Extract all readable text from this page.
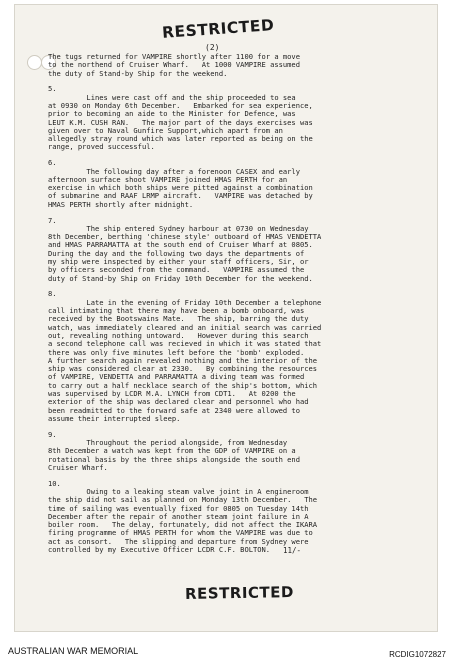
RESTRICTED
(2)
The tugs returned for VAMPIRE shortly after 1100 for a move
to the northend of Cruiser Wharf.   At 1000 VAMPIRE assumed
the duty of Stand-by Ship for the weekend.
5.
Lines were cast off and the ship proceeded to sea
at 0930 on Monday 6th December.   Embarked for sea experience,
prior to becoming an aide to the Minister for Defence, was
LEUT K.M. CUSH RAN.   The major part of the days exercises was
given over to Naval Gunfire Support,which apart from an
allegedly stray round which was later reported as being on the
range, proved successful.
6.
The following day after a forenoon CASEX and early
afternoon surface shoot VAMPIRE joined HMAS PERTH for an
exercise in which both ships were pitted against a combination
of submarine and RAAF LRMP aircraft.   VAMPIRE was detached by
HMAS PERTH shortly after midnight.
7.
The ship entered Sydney harbour at 0730 on Wednesday
8th December, berthing 'chinese style' outboard of HMAS VENDETTA
and HMAS PARRAMATTA at the south end of Cruiser Wharf at 0805.
During the day and the following two days the departments of
my ship were inspected by either your staff officers, Sir, or
by officers seconded from the command.   VAMPIRE assumed the
duty of Stand-by Ship on Friday 10th December for the weekend.
8.
Late in the evening of Friday 10th December a telephone
call intimating that there may have been a bomb onboard, was
received by the Bootswains Mate.   The ship, barring the duty
watch, was immediately cleared and an initial search was carried
out, revealing nothing untoward.   However during this search
a second telephone call was recieved in which it was stated that
there was only five minutes left before the 'bomb' exploded.
A further search again revealed nothing and the interior of the
ship was considered clear at 2330.   By combining the resources
of VAMPIRE, VENDETTA and PARRAMATTA a diving team was formed
to carry out a half necklace search of the ship's bottom, which
was supervised by LCDR M.A. LYNCH from CDT1.   At 0200 the
exterior of the ship was declared clear and personnel who had
been readmitted to the forward safe at 2340 were allowed to
assume their interrupted sleep.
9.
Throughout the period alongside, from Wednesday
8th December a watch was kept from the GDP of VAMPIRE on a
rotational basis by the three ships alongside the south end
Cruiser Wharf.
10.
Owing to a leaking steam valve joint in A engineroom
the ship did not sail as planned on Monday 13th December.   The
time of sailing was eventually fixed for 0805 on Tuesday 14th
December after the repair of another steam joint failure in A
boiler room.   The delay, fortunately, did not affect the IKARA
firing programme of HMAS PERTH for whom the VAMPIRE was due to
act as consort.   The slipping and departure from Sydney were
controlled by my Executive Officer LCDR C.F. BOLTON.	11/-
RESTRICTED
AUSTRALIAN WAR MEMORIAL	RCDIG1072827
